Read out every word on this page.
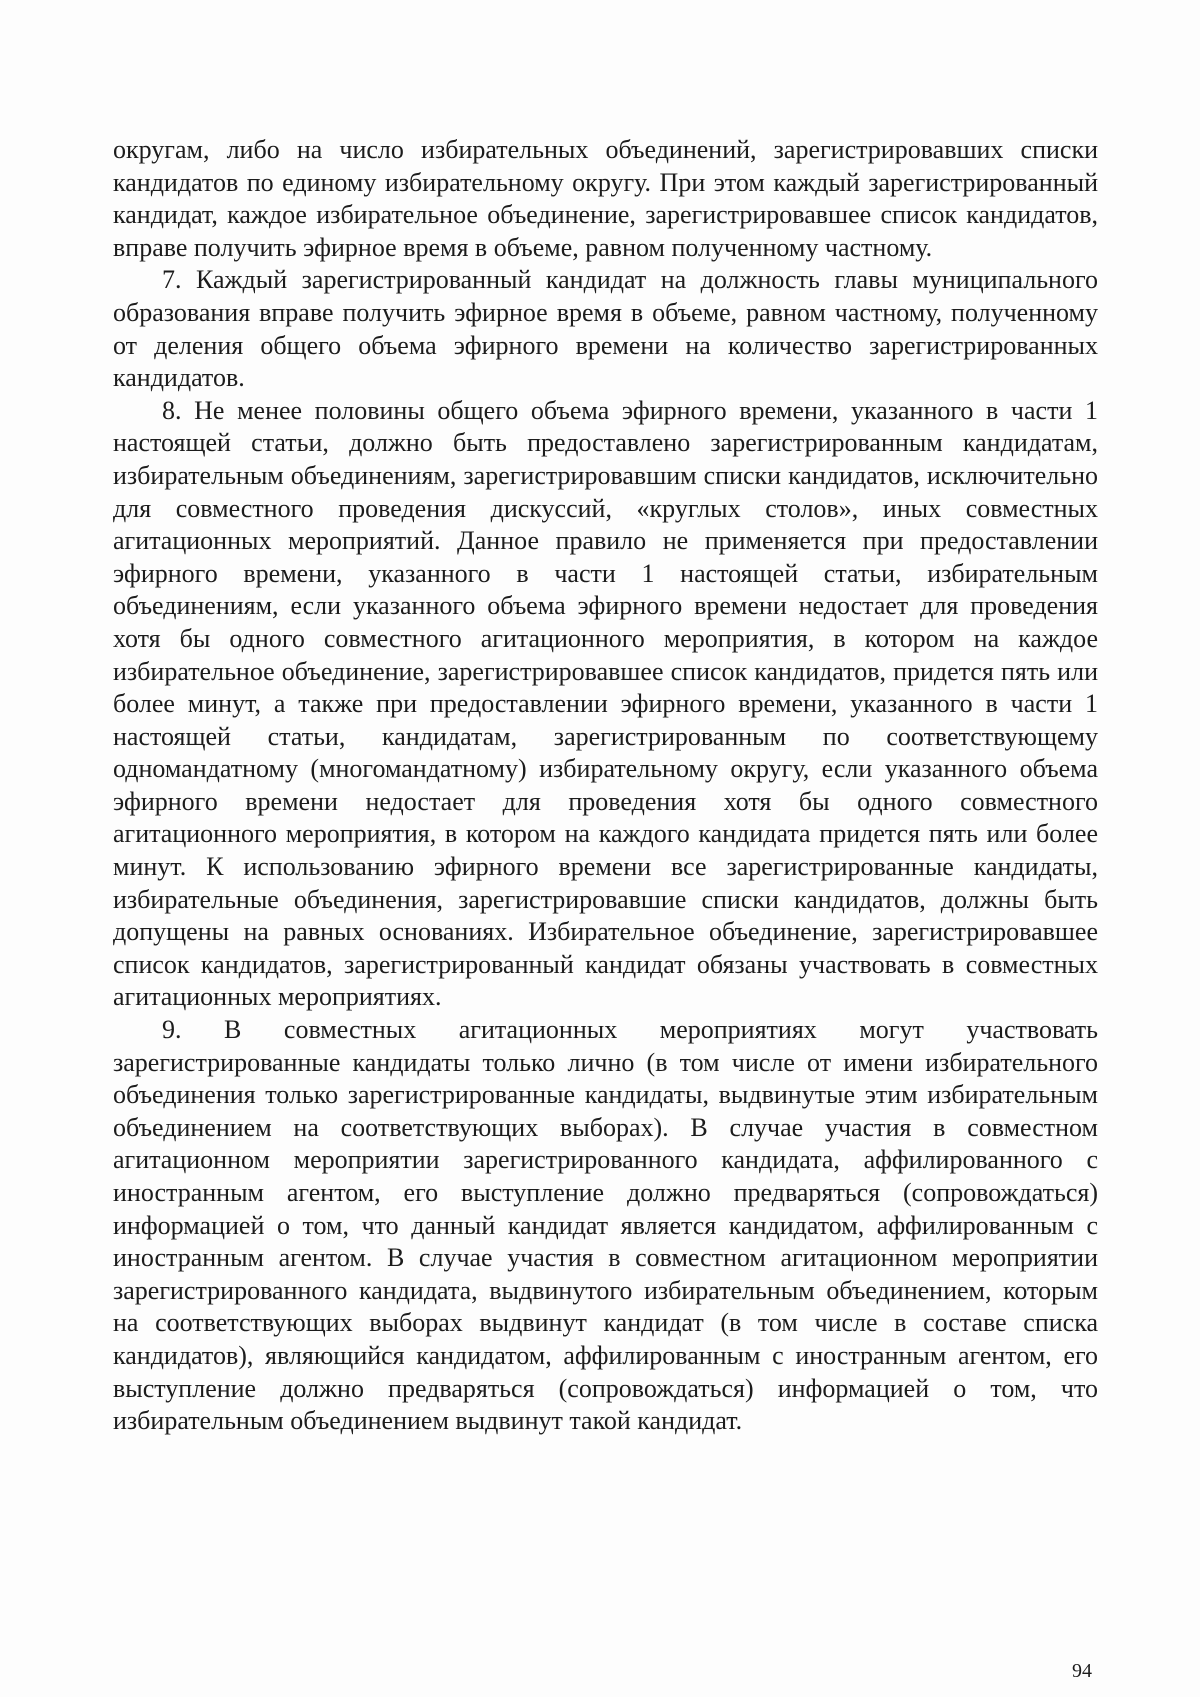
округам, либо на число избирательных объединений, зарегистрировавших списки кандидатов по единому избирательному округу. При этом каждый зарегистрированный кандидат, каждое избирательное объединение, зарегистрировавшее список кандидатов, вправе получить эфирное время в объеме, равном полученному частному.

7. Каждый зарегистрированный кандидат на должность главы муниципального образования вправе получить эфирное время в объеме, равном частному, полученному от деления общего объема эфирного времени на количество зарегистрированных кандидатов.

8. Не менее половины общего объема эфирного времени, указанного в части 1 настоящей статьи, должно быть предоставлено зарегистрированным кандидатам, избирательным объединениям, зарегистрировавшим списки кандидатов, исключительно для совместного проведения дискуссий, «круглых столов», иных совместных агитационных мероприятий. Данное правило не применяется при предоставлении эфирного времени, указанного в части 1 настоящей статьи, избирательным объединениям, если указанного объема эфирного времени недостает для проведения хотя бы одного совместного агитационного мероприятия, в котором на каждое избирательное объединение, зарегистрировавшее список кандидатов, придется пять или более минут, а также при предоставлении эфирного времени, указанного в части 1 настоящей статьи, кандидатам, зарегистрированным по соответствующему одномандатному (многомандатному) избирательному округу, если указанного объема эфирного времени недостает для проведения хотя бы одного совместного агитационного мероприятия, в котором на каждого кандидата придется пять или более минут. К использованию эфирного времени все зарегистрированные кандидаты, избирательные объединения, зарегистрировавшие списки кандидатов, должны быть допущены на равных основаниях. Избирательное объединение, зарегистрировавшее список кандидатов, зарегистрированный кандидат обязаны участвовать в совместных агитационных мероприятиях.

9. В совместных агитационных мероприятиях могут участвовать зарегистрированные кандидаты только лично (в том числе от имени избирательного объединения только зарегистрированные кандидаты, выдвинутые этим избирательным объединением на соответствующих выборах). В случае участия в совместном агитационном мероприятии зарегистрированного кандидата, аффилированного с иностранным агентом, его выступление должно предваряться (сопровождаться) информацией о том, что данный кандидат является кандидатом, аффилированным с иностранным агентом. В случае участия в совместном агитационном мероприятии зарегистрированного кандидата, выдвинутого избирательным объединением, которым на соответствующих выборах выдвинут кандидат (в том числе в составе списка кандидатов), являющийся кандидатом, аффилированным с иностранным агентом, его выступление должно предваряться (сопровождаться) информацией о том, что избирательным объединением выдвинут такой кандидат.

94
